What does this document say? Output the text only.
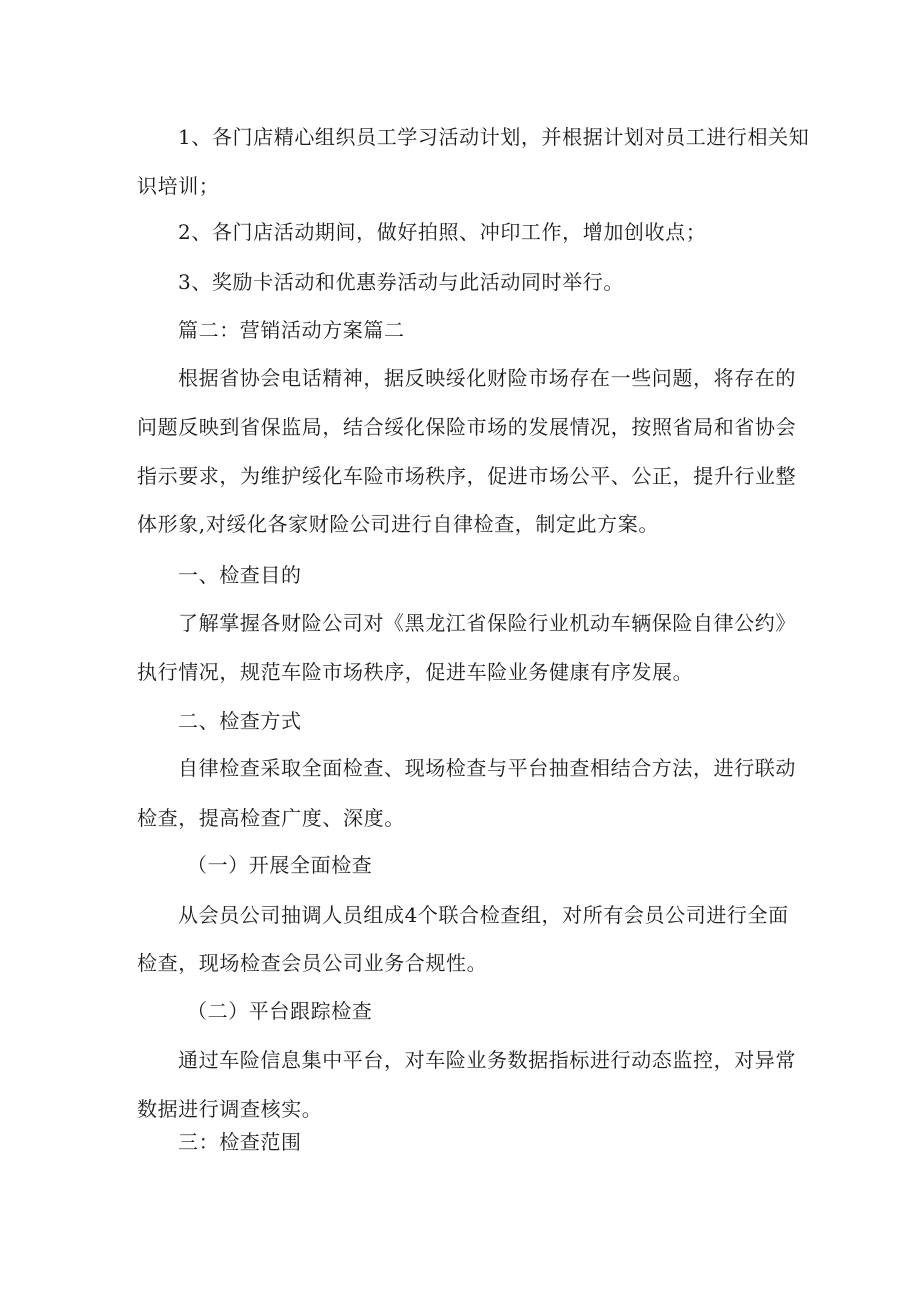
1、各门店精心组织员工学习活动计划，并根据计划对员工进行相关知
识培训；
2、各门店活动期间，做好拍照、冲印工作，增加创收点；
3、奖励卡活动和优惠券活动与此活动同时举行。
篇二：营销活动方案篇二
根据省协会电话精神，据反映绥化财险市场存在一些问题，将存在的
问题反映到省保监局，结合绥化保险市场的发展情况，按照省局和省协会
指示要求，为维护绥化车险市场秩序，促进市场公平、公正，提升行业整
体形象,对绥化各家财险公司进行自律检查，制定此方案。
一、检查目的
了解掌握各财险公司对《黑龙江省保险行业机动车辆保险自律公约》
执行情况，规范车险市场秩序，促进车险业务健康有序发展。
二、检查方式
自律检查采取全面检查、现场检查与平台抽查相结合方法，进行联动
检查，提高检查广度、深度。
（一）开展全面检查
从会员公司抽调人员组成4个联合检查组，对所有会员公司进行全面
检查，现场检查会员公司业务合规性。
（二）平台跟踪检查
通过车险信息集中平台，对车险业务数据指标进行动态监控，对异常
数据进行调查核实。
三：检查范围
